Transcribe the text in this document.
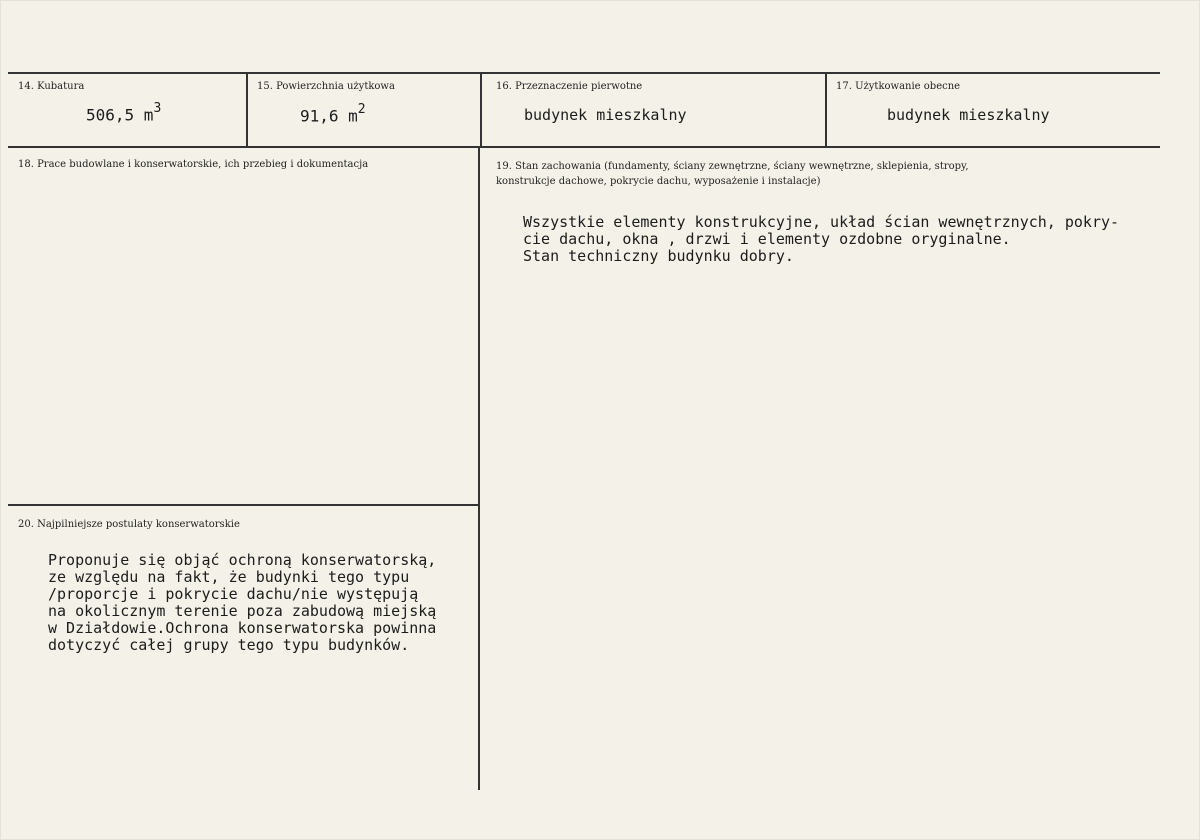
14. Kubatura
506,5 $m^3$
15. Powierzchnia użytkowa
91,6 $m^2$
16. Przeznaczenie pierwotne
budynek mieszkalny
17. Użytkowanie obecne
budynek mieszkalny
18. Prace budowlane i konserwatorskie, ich przebieg i dokumentacja	19. Stan zachowania (fundamenty, ściany zewnętrzne, ściany wewnętrzne, sklepienia, stropy,
konstrukcje dachowe, pokrycie dachu, wyposażenie i instalacje)
Wszystkie elementy konstrukcyjne, układ ścian wewnętrznych, pokry-
cie dachu, okna , drzwi i elementy ozdobne oryginalne.
Stan techniczny budynku dobry.
20. Najpilniejsze postulaty konserwatorskie
Proponuje się objąć ochroną konserwatorską,
ze względu na fakt, że budynki tego typu
/proporcje i pokrycie dachu/nie występują
na okolicznym terenie poza zabudową miejską
w Działdowie.Ochrona konserwatorska powinna
dotyczyć całej grupy tego typu budynków.
